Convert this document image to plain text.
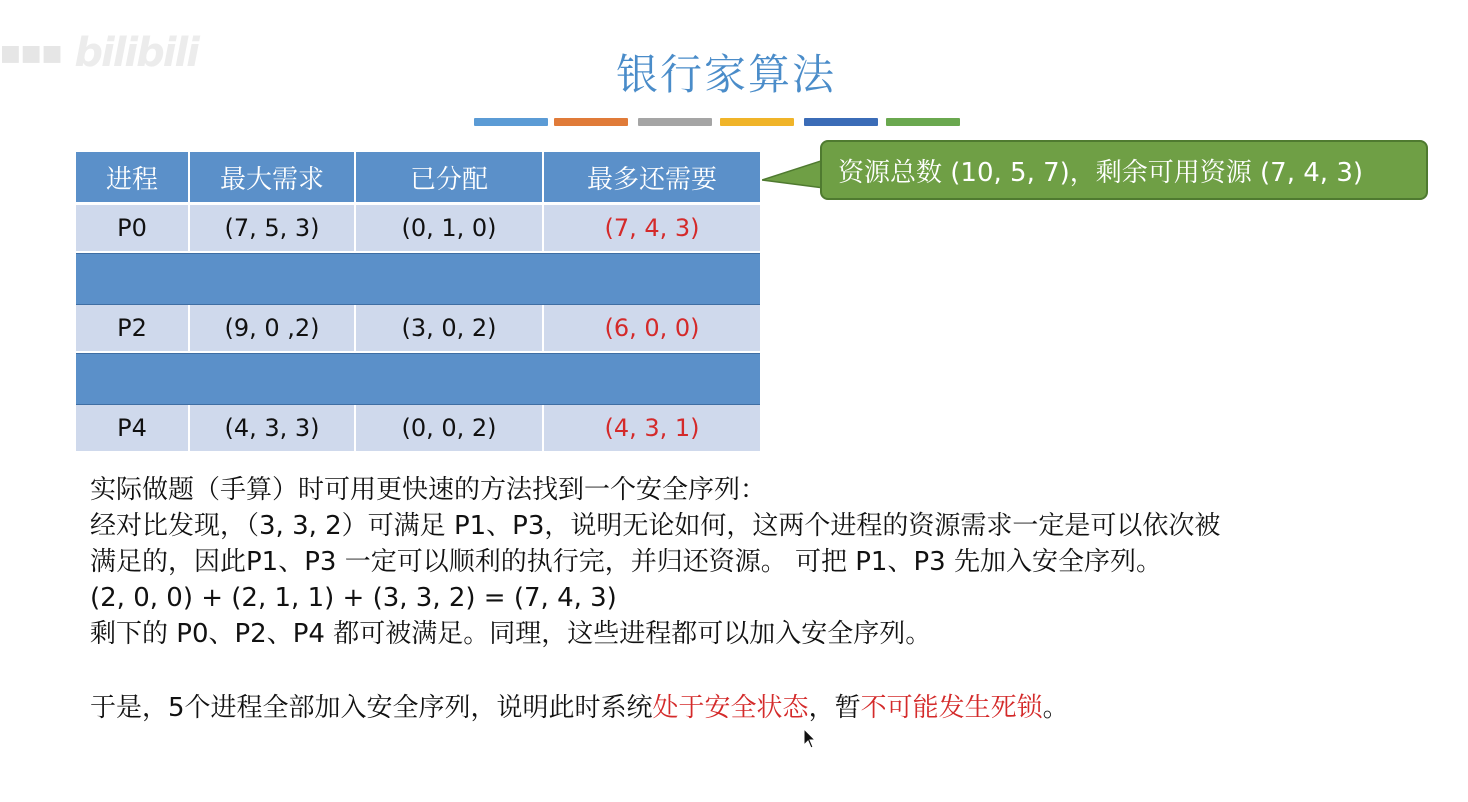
■■■ bilibili	银行家算法
进程	最大需求	已分配	最多还需要
P0	(7, 5, 3)	(0, 1, 0)	(7, 4, 3)

P2	(9, 0 ,2)	(3, 0, 2)	(6, 0, 0)

P4	(4, 3, 3)	(0, 0, 2)	(4, 3, 1)
资源总数 (10, 5, 7)，剩余可用资源 (7, 4, 3)
实际做题（手算）时可用更快速的方法找到一个安全序列：
经对比发现，（3, 3, 2）可满足 P1、P3，说明无论如何，这两个进程的资源需求一定是可以依次被
满足的，因此P1、P3 一定可以顺利的执行完，并归还资源。 可把 P1、P3 先加入安全序列。
(2, 0, 0) + (2, 1, 1) + (3, 3, 2) = (7, 4, 3)
剩下的 P0、P2、P4 都可被满足。同理，这些进程都可以加入安全序列。
于是，5个进程全部加入安全序列，说明此时系统处于安全状态，暂不可能发生死锁。
